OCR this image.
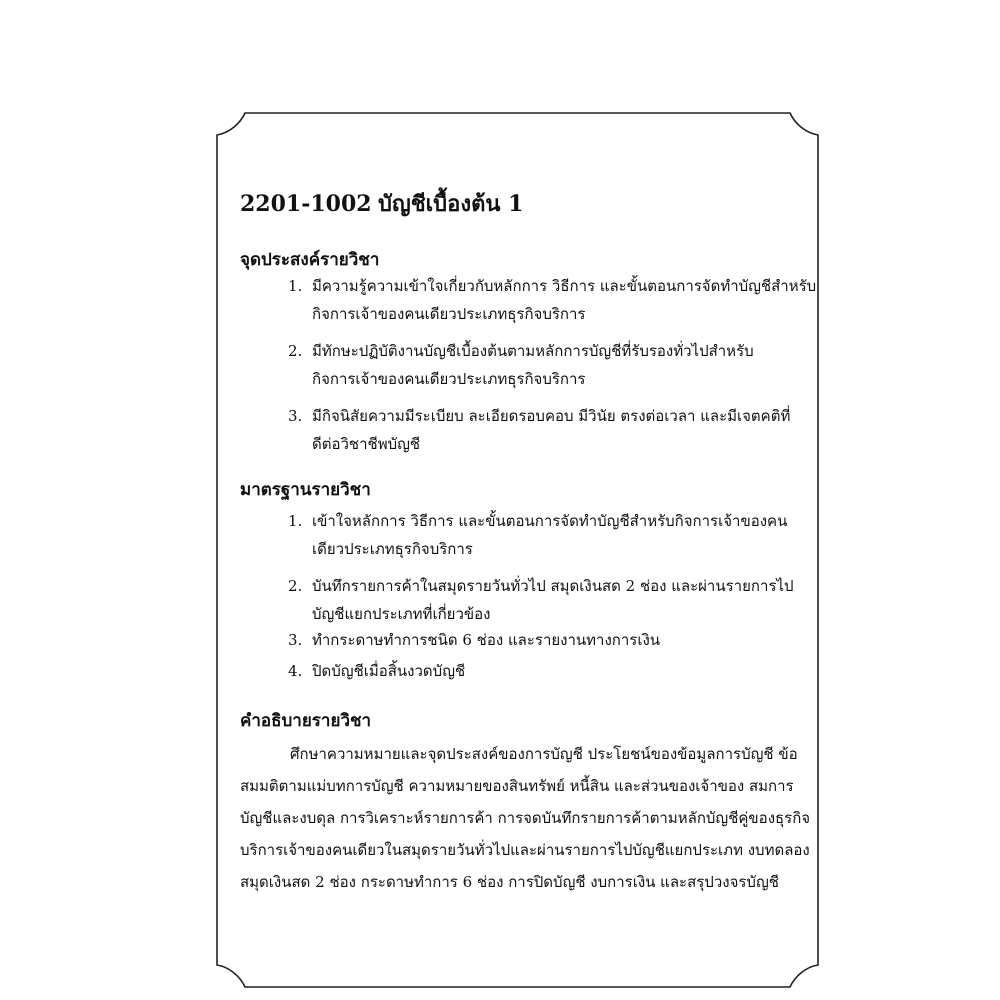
2201-1002 บัญชีเบื้องต้น 1
จุดประสงค์รายวิชา
1. มีความรู้ความเข้าใจเกี่ยวกับหลักการ วิธีการ และขั้นตอนการจัดทำบัญชีสำหรับ
กิจการเจ้าของคนเดียวประเภทธุรกิจบริการ
2. มีทักษะปฏิบัติงานบัญชีเบื้องต้นตามหลักการบัญชีที่รับรองทั่วไปสำหรับ
กิจการเจ้าของคนเดียวประเภทธุรกิจบริการ
3. มีกิจนิสัยความมีระเบียบ ละเอียดรอบคอบ มีวินัย ตรงต่อเวลา และมีเจตคติที่
ดีต่อวิชาชีพบัญชี
มาตรฐานรายวิชา
1. เข้าใจหลักการ วิธีการ และขั้นตอนการจัดทำบัญชีสำหรับกิจการเจ้าของคน
เดียวประเภทธุรกิจบริการ
2. บันทึกรายการค้าในสมุดรายวันทั่วไป สมุดเงินสด 2 ช่อง และผ่านรายการไป
บัญชีแยกประเภทที่เกี่ยวข้อง
3. ทำกระดาษทำการชนิด 6 ช่อง และรายงานทางการเงิน
4. ปิดบัญชีเมื่อสิ้นงวดบัญชี
คำอธิบายรายวิชา
ศึกษาความหมายและจุดประสงค์ของการบัญชี ประโยชน์ของข้อมูลการบัญชี ข้อ
สมมติตามแม่บทการบัญชี ความหมายของสินทรัพย์ หนี้สิน และส่วนของเจ้าของ สมการ
บัญชีและงบดุล การวิเคราะห์รายการค้า การจดบันทึกรายการค้าตามหลักบัญชีคู่ของธุรกิจ
บริการเจ้าของคนเดียวในสมุดรายวันทั่วไปและผ่านรายการไปบัญชีแยกประเภท งบทดลอง
สมุดเงินสด 2 ช่อง กระดาษทำการ 6 ช่อง การปิดบัญชี งบการเงิน และสรุปวงจรบัญชี
